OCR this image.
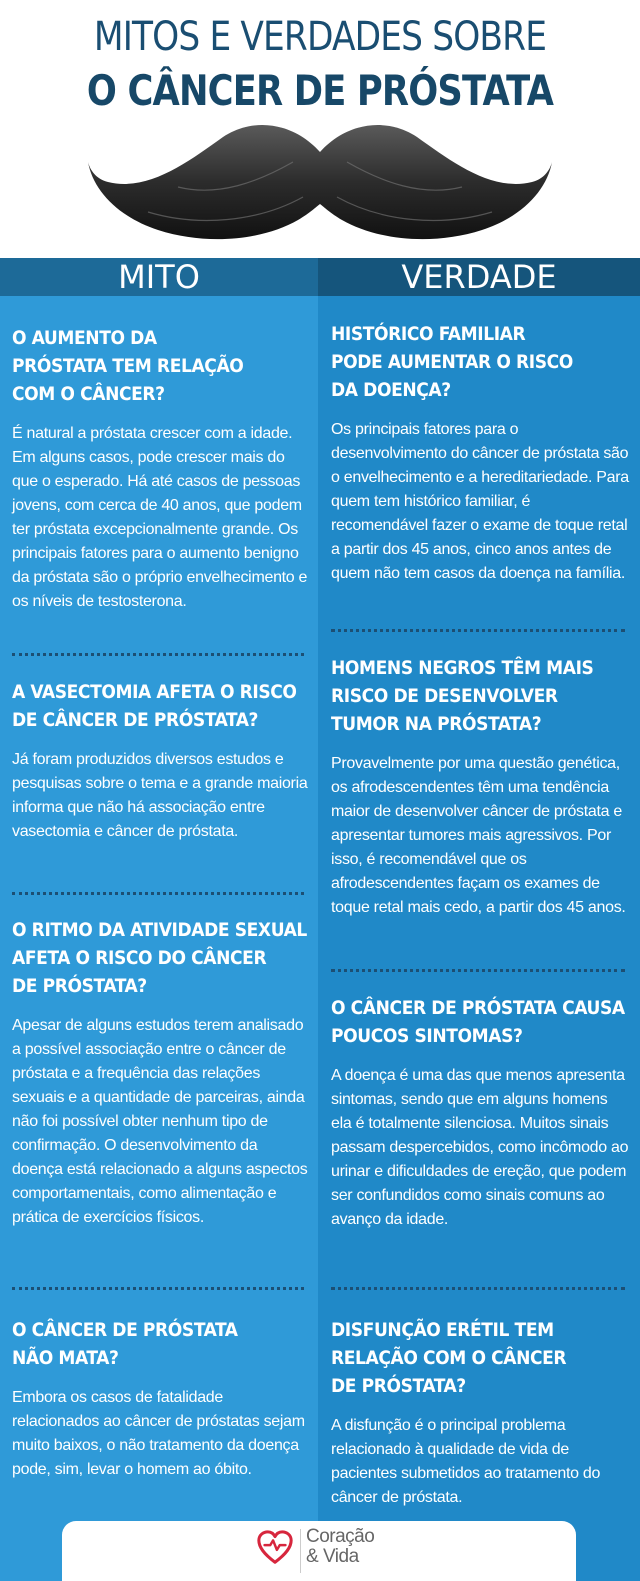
MITOS E VERDADES SOBRE
O CÂNCER DE PRÓSTATA
MITO	VERDADE
O AUMENTO DA
PRÓSTATA TEM RELAÇÃO
COM O CÂNCER?
É natural a próstata crescer com a idade. Em alguns casos, pode crescer mais do que o esperado. Há até casos de pessoas jovens, com cerca de 40 anos, que podem ter próstata excepcionalmente grande. Os principais fatores para o aumento benigno da próstata são o próprio envelhecimento e os níveis de testosterona.
A VASECTOMIA AFETA O RISCO
DE CÂNCER DE PRÓSTATA?
Já foram produzidos diversos estudos e pesquisas sobre o tema e a grande maioria informa que não há associação entre vasectomia e câncer de próstata.
O RITMO DA ATIVIDADE SEXUAL
AFETA O RISCO DO CÂNCER
DE PRÓSTATA?
Apesar de alguns estudos terem analisado a possível associação entre o câncer de próstata e a frequência das relações sexuais e a quantidade de parceiras, ainda não foi possível obter nenhum tipo de confirmação. O desenvolvimento da doença está relacionado a alguns aspectos comportamentais, como alimentação e prática de exercícios físicos.
O CÂNCER DE PRÓSTATA
NÃO MATA?
Embora os casos de fatalidade relacionados ao câncer de próstatas sejam muito baixos, o não tratamento da doença pode, sim, levar o homem ao óbito.
HISTÓRICO FAMILIAR
PODE AUMENTAR O RISCO
DA DOENÇA?
Os principais fatores para o desenvolvimento do câncer de próstata são o envelhecimento e a hereditariedade. Para quem tem histórico familiar, é recomendável fazer o exame de toque retal a partir dos 45 anos, cinco anos antes de quem não tem casos da doença na família.
HOMENS NEGROS TÊM MAIS
RISCO DE DESENVOLVER
TUMOR NA PRÓSTATA?
Provavelmente por uma questão genética, os afrodescendentes têm uma tendência maior de desenvolver câncer de próstata e apresentar tumores mais agressivos. Por isso, é recomendável que os afrodescendentes façam os exames de toque retal mais cedo, a partir dos 45 anos.
O CÂNCER DE PRÓSTATA CAUSA
POUCOS SINTOMAS?
A doença é uma das que menos apresenta sintomas, sendo que em alguns homens ela é totalmente silenciosa. Muitos sinais passam despercebidos, como incômodo ao urinar e dificuldades de ereção, que podem ser confundidos como sinais comuns ao avanço da idade.
DISFUNÇÃO ERÉTIL TEM
RELAÇÃO COM O CÂNCER
DE PRÓSTATA?
A disfunção é o principal problema relacionado à qualidade de vida de pacientes submetidos ao tratamento do câncer de próstata.
Coração
& Vida
